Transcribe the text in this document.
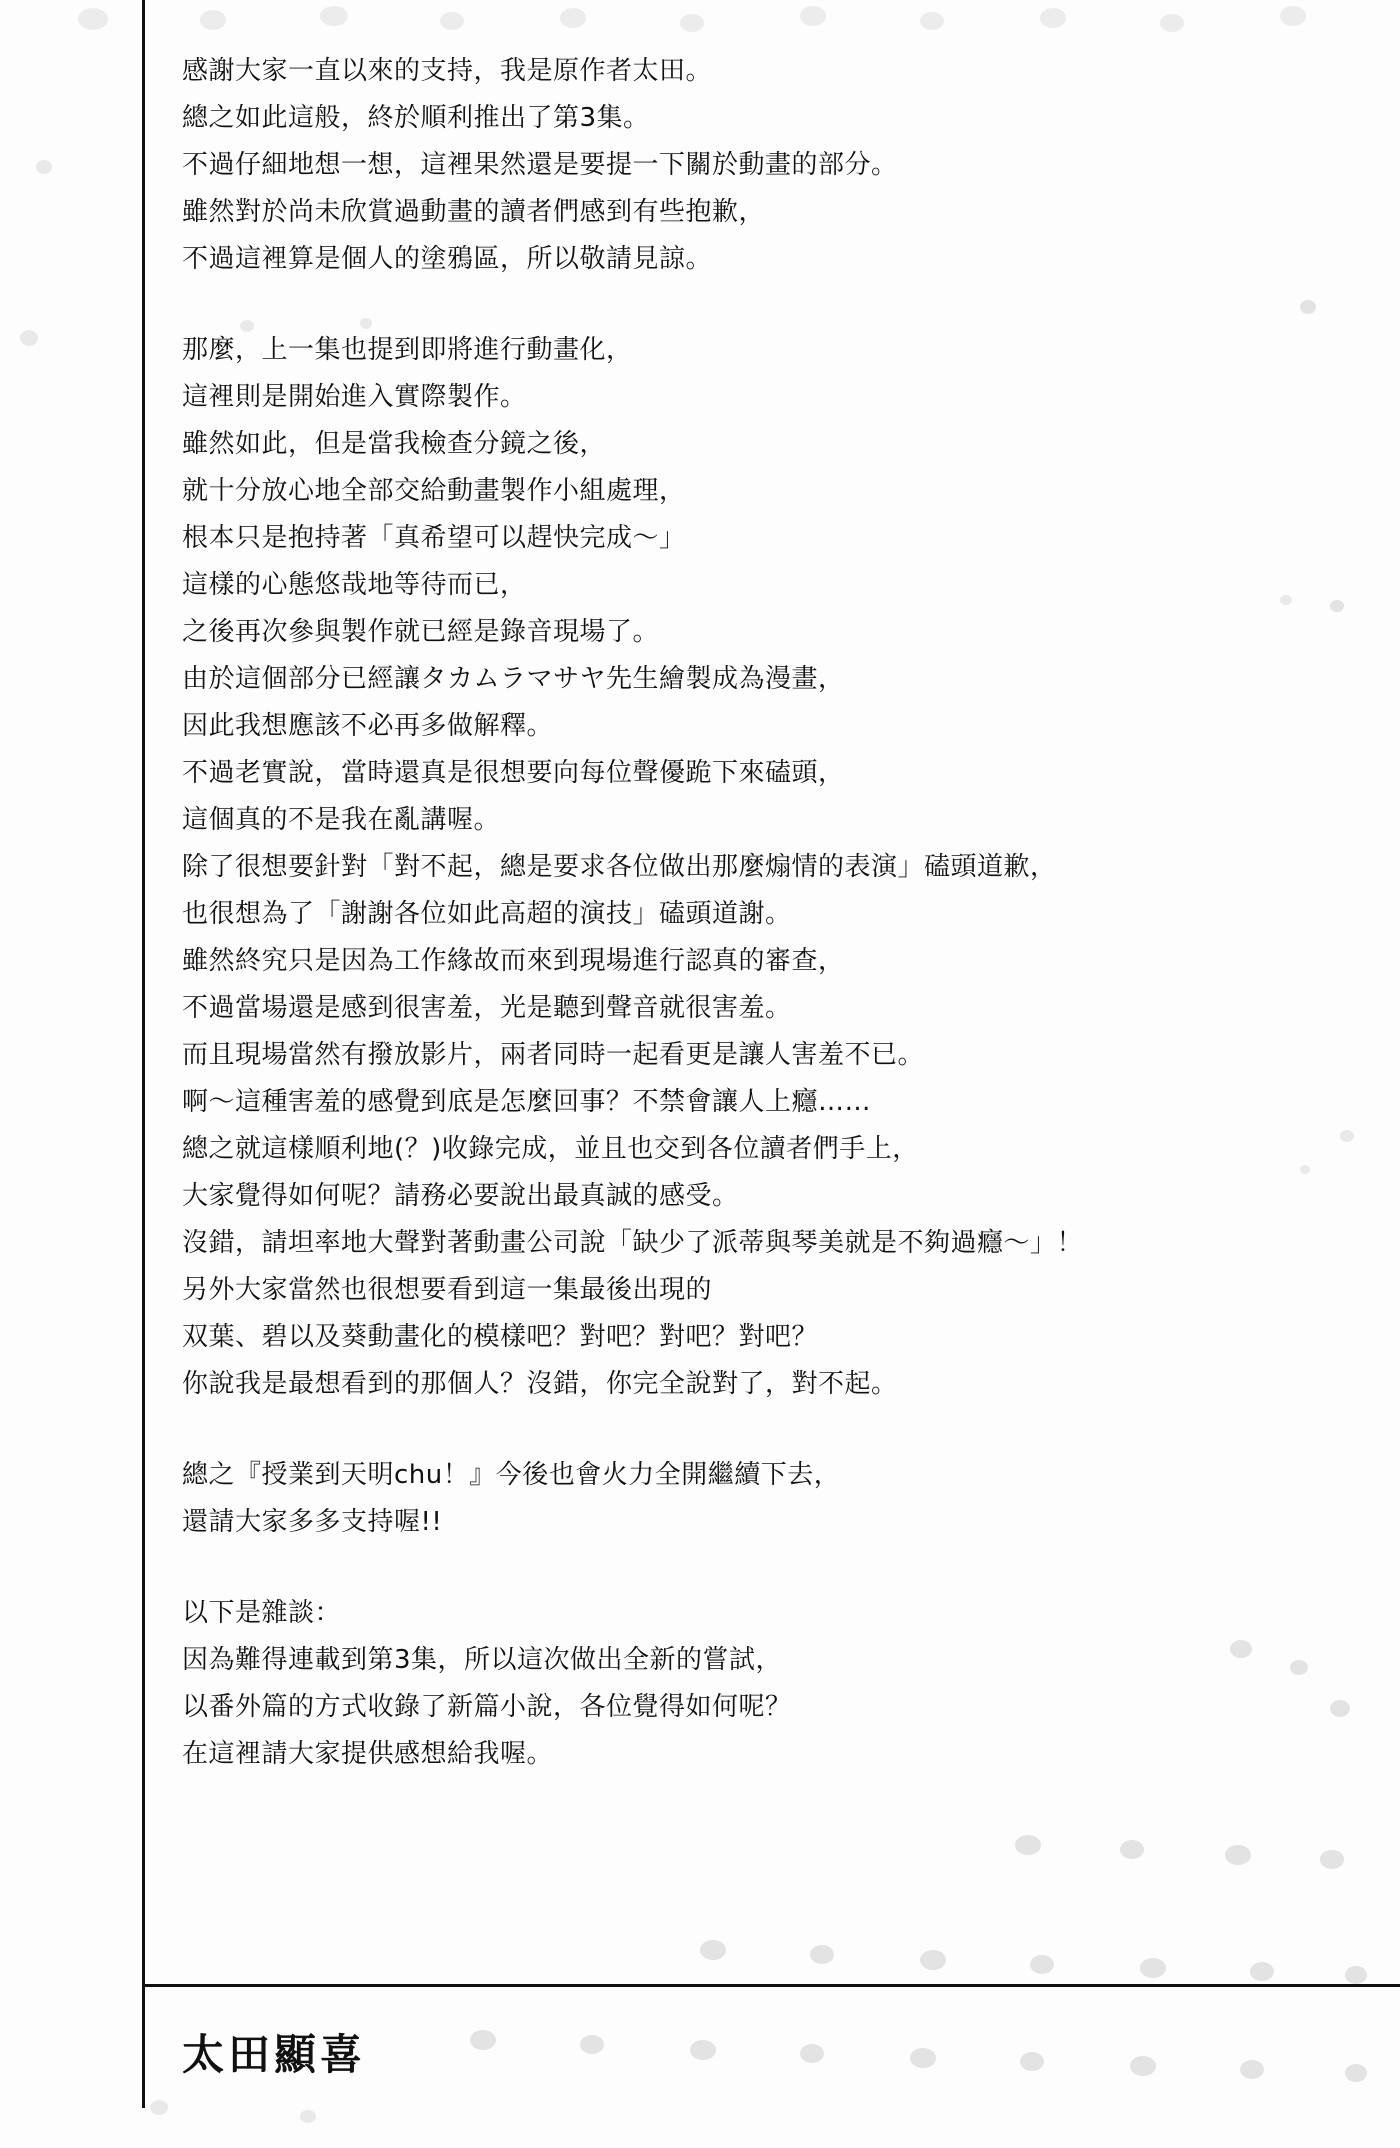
感謝大家一直以來的支持，我是原作者太田。
總之如此這般，終於順利推出了第3集。
不過仔細地想一想，這裡果然還是要提一下關於動畫的部分。
雖然對於尚未欣賞過動畫的讀者們感到有些抱歉，
不過這裡算是個人的塗鴉區，所以敬請見諒。
那麼，上一集也提到即將進行動畫化，
這裡則是開始進入實際製作。
雖然如此，但是當我檢查分鏡之後，
就十分放心地全部交給動畫製作小組處理，
根本只是抱持著「真希望可以趕快完成～」
這樣的心態悠哉地等待而已，
之後再次參與製作就已經是錄音現場了。
由於這個部分已經讓タカムラマサヤ先生繪製成為漫畫，
因此我想應該不必再多做解釋。
不過老實說，當時還真是很想要向每位聲優跪下來磕頭，
這個真的不是我在亂講喔。
除了很想要針對「對不起，總是要求各位做出那麼煽情的表演」磕頭道歉，
也很想為了「謝謝各位如此高超的演技」磕頭道謝。
雖然終究只是因為工作緣故而來到現場進行認真的審查，
不過當場還是感到很害羞，光是聽到聲音就很害羞。
而且現場當然有撥放影片，兩者同時一起看更是讓人害羞不已。
啊～這種害羞的感覺到底是怎麼回事？不禁會讓人上癮……
總之就這樣順利地(？)收錄完成，並且也交到各位讀者們手上，
大家覺得如何呢？請務必要說出最真誠的感受。
沒錯，請坦率地大聲對著動畫公司說「缺少了派蒂與琴美就是不夠過癮～」！
另外大家當然也很想要看到這一集最後出現的
双葉、碧以及葵動畫化的模樣吧？對吧？對吧？對吧？
你說我是最想看到的那個人？沒錯，你完全說對了，對不起。
總之『授業到天明chu！』今後也會火力全開繼續下去，
還請大家多多支持喔!!
以下是雜談：
因為難得連載到第3集，所以這次做出全新的嘗試，
以番外篇的方式收錄了新篇小說，各位覺得如何呢？
在這裡請大家提供感想給我喔。
太田顯喜
